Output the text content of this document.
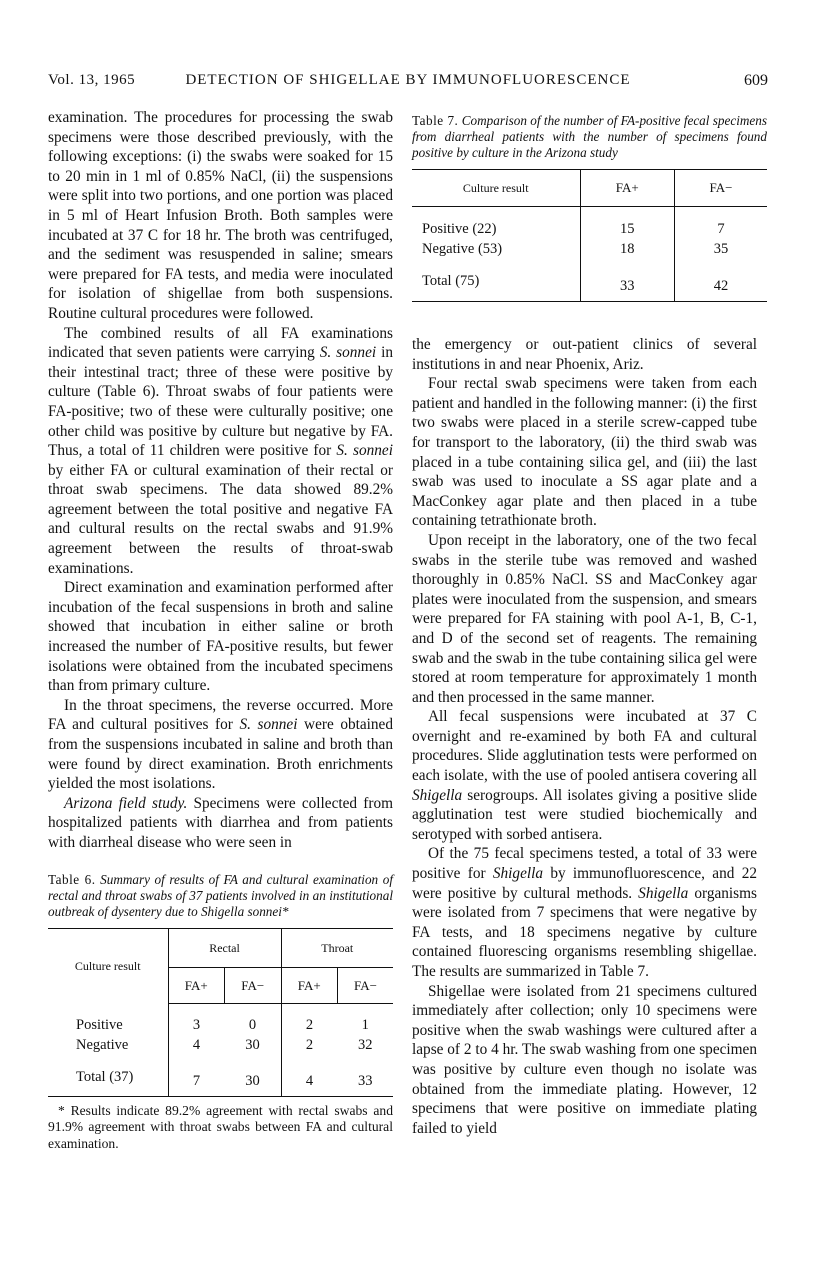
Vol. 13, 1965	DETECTION OF SHIGELLAE BY IMMUNOFLUORESCENCE	609

examination. The procedures for processing the swab specimens were those described previously, with the following exceptions: (i) the swabs were soaked for 15 to 20 min in 1 ml of 0.85% NaCl, (ii) the suspensions were split into two portions, and one portion was placed in 5 ml of Heart Infusion Broth. Both samples were incubated at 37 C for 18 hr. The broth was centrifuged, and the sediment was resuspended in saline; smears were prepared for FA tests, and media were inoculated for isolation of shigellae from both suspensions. Routine cultural procedures were followed.

The combined results of all FA examinations indicated that seven patients were carrying S. sonnei in their intestinal tract; three of these were positive by culture (Table 6). Throat swabs of four patients were FA-positive; two of these were culturally positive; one other child was positive by culture but negative by FA. Thus, a total of 11 children were positive for S. sonnei by either FA or cultural examination of their rectal or throat swab specimens. The data showed 89.2% agreement between the total positive and negative FA and cultural results on the rectal swabs and 91.9% agreement between the results of throat-swab examinations.

Direct examination and examination performed after incubation of the fecal suspensions in broth and saline showed that incubation in either saline or broth increased the number of FA-positive results, but fewer isolations were obtained from the incubated specimens than from primary culture.

In the throat specimens, the reverse occurred. More FA and cultural positives for S. sonnei were obtained from the suspensions incubated in saline and broth than were found by direct examination. Broth enrichments yielded the most isolations.

Arizona field study. Specimens were collected from hospitalized patients with diarrhea and from patients with diarrheal disease who were seen in

Table 6. Summary of results of FA and cultural examination of rectal and throat swabs of 37 patients involved in an institutional outbreak of dysentery due to Shigella sonnei*
Culture result	Rectal		Throat	
	FA+	FA−	FA+	FA−
Positive	3	0	2	1
Negative	4	30	2	32
Total (37)	7	30	4	33
* Results indicate 89.2% agreement with rectal swabs and 91.9% agreement with throat swabs between FA and cultural examination.
Table 7. Comparison of the number of FA-positive fecal specimens from diarrheal patients with the number of specimens found positive by culture in the Arizona study
Culture result	FA+	FA−
Positive (22)	15	7
Negative (53)	18	35
Total (75)	33	42

the emergency or out-patient clinics of several institutions in and near Phoenix, Ariz.

Four rectal swab specimens were taken from each patient and handled in the following manner: (i) the first two swabs were placed in a sterile screw-capped tube for transport to the laboratory, (ii) the third swab was placed in a tube containing silica gel, and (iii) the last swab was used to inoculate a SS agar plate and a MacConkey agar plate and then placed in a tube containing tetrathionate broth.

Upon receipt in the laboratory, one of the two fecal swabs in the sterile tube was removed and washed thoroughly in 0.85% NaCl. SS and MacConkey agar plates were inoculated from the suspension, and smears were prepared for FA staining with pool A-1, B, C-1, and D of the second set of reagents. The remaining swab and the swab in the tube containing silica gel were stored at room temperature for approximately 1 month and then processed in the same manner.

All fecal suspensions were incubated at 37 C overnight and re-examined by both FA and cultural procedures. Slide agglutination tests were performed on each isolate, with the use of pooled antisera covering all Shigella serogroups. All isolates giving a positive slide agglutination test were studied biochemically and serotyped with sorbed antisera.

Of the 75 fecal specimens tested, a total of 33 were positive for Shigella by immunofluorescence, and 22 were positive by cultural methods. Shigella organisms were isolated from 7 specimens that were negative by FA tests, and 18 specimens negative by culture contained fluorescing organisms resembling shigellae. The results are summarized in Table 7.

Shigellae were isolated from 21 specimens cultured immediately after collection; only 10 specimens were positive when the swab washings were cultured after a lapse of 2 to 4 hr. The swab washing from one specimen was positive by culture even though no isolate was obtained from the immediate plating. However, 12 specimens that were positive on immediate plating failed to yield
